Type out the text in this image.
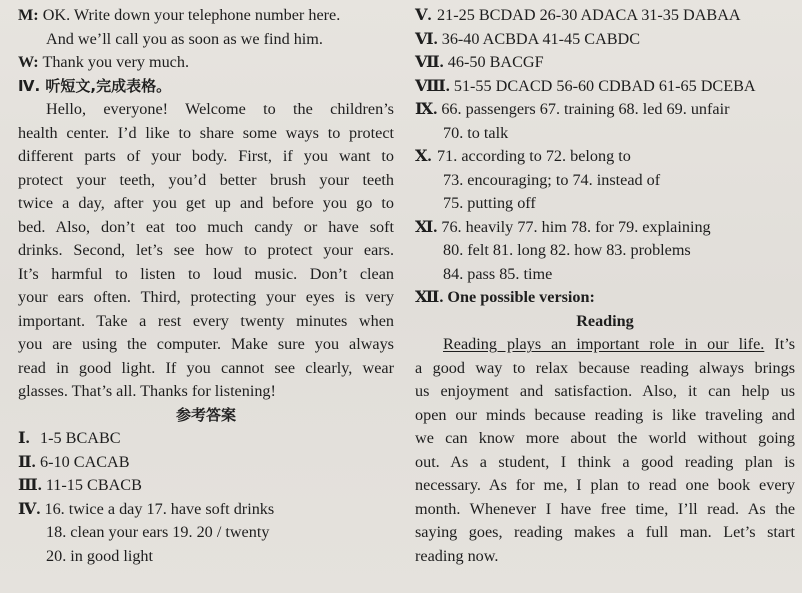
M: OK. Write down your telephone number here.
And we’ll call you as soon as we find him.
W: Thank you very much.
Ⅳ. 听短文,完成表格。
Hello, everyone! Welcome to the children’s
health center. I’d like to share some ways to protect
different parts of your body. First, if you want to
protect your teeth, you’d better brush your teeth
twice a day, after you get up and before you go to
bed. Also, don’t eat too much candy or have soft
drinks. Second, let’s see how to protect your ears.
It’s harmful to listen to loud music. Don’t clean
your ears often. Third, protecting your eyes is very
important. Take a rest every twenty minutes when
you are using the computer. Make sure you always
read in good light. If you cannot see clearly, wear
glasses. That’s all. Thanks for listening!
参考答案
Ⅰ. 1-5 BCABC
Ⅱ. 6-10 CACAB
Ⅲ. 11-15 CBACB
Ⅳ. 16. twice a day 17. have soft drinks
18. clean your ears 19. 20 / twenty
20. in good light
Ⅴ. 21-25 BCDAD 26-30 ADACA 31-35 DABAA
Ⅵ. 36-40 ACBDA 41-45 CABDC
Ⅶ. 46-50 BACGF
Ⅷ. 51-55 DCACD 56-60 CDBAD 61-65 DCEBA
Ⅸ. 66. passengers 67. training 68. led 69. unfair
70. to talk
Ⅹ. 71. according to 72. belong to
73. encouraging; to 74. instead of
75. putting off
Ⅺ. 76. heavily 77. him 78. for 79. explaining
80. felt 81. long 82. how 83. problems
84. pass 85. time
Ⅻ. One possible version:
Reading
Reading plays an important role in our life. It’s
a good way to relax because reading always brings
us enjoyment and satisfaction. Also, it can help us
open our minds because reading is like traveling and
we can know more about the world without going
out. As a student, I think a good reading plan is
necessary. As for me, I plan to read one book every
month. Whenever I have free time, I’ll read. As the
saying goes, reading makes a full man. Let’s start
reading now.
